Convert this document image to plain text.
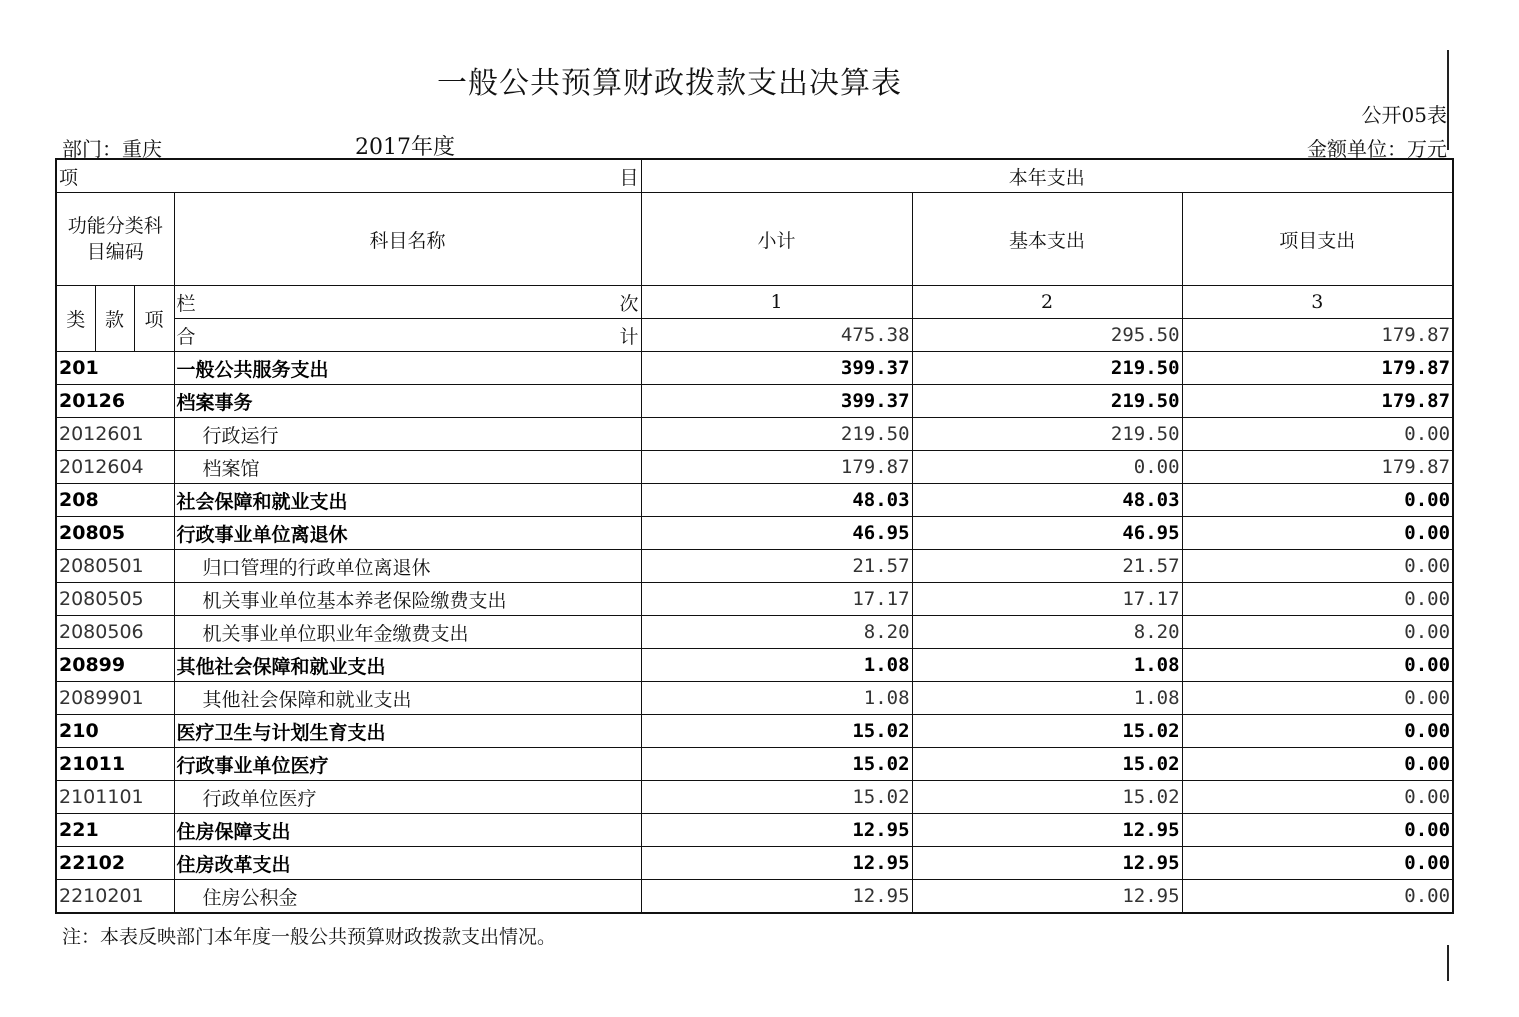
一般公共预算财政拨款支出决算表
公开05表
部门：重庆	2017年度	金额单位：万元
项 目				本年支出		
功能分类科目编码			科目名称	小计	基本支出	项目支出
类	款	项	栏 次	1	2	3

			合 计	475.38	295.50	179.87
201			一般公共服务支出	399.37	219.50	179.87
20126			档案事务	399.37	219.50	179.87
2012601			行政运行	219.50	219.50	0.00
2012604			档案馆	179.87	0.00	179.87
208			社会保障和就业支出	48.03	48.03	0.00
20805			行政事业单位离退休	46.95	46.95	0.00
2080501			归口管理的行政单位离退休	21.57	21.57	0.00
2080505			机关事业单位基本养老保险缴费支出	17.17	17.17	0.00
2080506			机关事业单位职业年金缴费支出	8.20	8.20	0.00
20899			其他社会保障和就业支出	1.08	1.08	0.00
2089901			其他社会保障和就业支出	1.08	1.08	0.00
210			医疗卫生与计划生育支出	15.02	15.02	0.00
21011			行政事业单位医疗	15.02	15.02	0.00
2101101			行政单位医疗	15.02	15.02	0.00
221			住房保障支出	12.95	12.95	0.00
22102			住房改革支出	12.95	12.95	0.00
2210201			住房公积金	12.95	12.95	0.00
注：本表反映部门本年度一般公共预算财政拨款支出情况。
